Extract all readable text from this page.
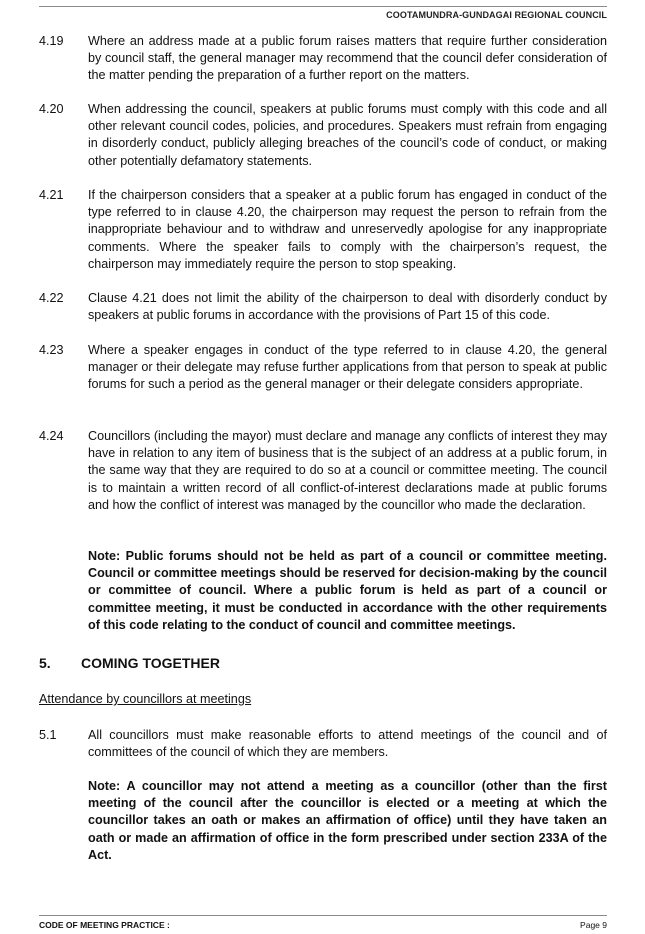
COOTAMUNDRA-GUNDAGAI REGIONAL COUNCIL
4.19 Where an address made at a public forum raises matters that require further consideration by council staff, the general manager may recommend that the council defer consideration of the matter pending the preparation of a further report on the matters.
4.20 When addressing the council, speakers at public forums must comply with this code and all other relevant council codes, policies, and procedures. Speakers must refrain from engaging in disorderly conduct, publicly alleging breaches of the council’s code of conduct, or making other potentially defamatory statements.
4.21 If the chairperson considers that a speaker at a public forum has engaged in conduct of the type referred to in clause 4.20, the chairperson may request the person to refrain from the inappropriate behaviour and to withdraw and unreservedly apologise for any inappropriate comments. Where the speaker fails to comply with the chairperson’s request, the chairperson may immediately require the person to stop speaking.
4.22 Clause 4.21 does not limit the ability of the chairperson to deal with disorderly conduct by speakers at public forums in accordance with the provisions of Part 15 of this code.
4.23 Where a speaker engages in conduct of the type referred to in clause 4.20, the general manager or their delegate may refuse further applications from that person to speak at public forums for such a period as the general manager or their delegate considers appropriate.
4.24 Councillors (including the mayor) must declare and manage any conflicts of interest they may have in relation to any item of business that is the subject of an address at a public forum, in the same way that they are required to do so at a council or committee meeting. The council is to maintain a written record of all conflict-of-interest declarations made at public forums and how the conflict of interest was managed by the councillor who made the declaration.
Note: Public forums should not be held as part of a council or committee meeting. Council or committee meetings should be reserved for decision-making by the council or committee of council. Where a public forum is held as part of a council or committee meeting, it must be conducted in accordance with the other requirements of this code relating to the conduct of council and committee meetings.
5. COMING TOGETHER
Attendance by councillors at meetings
5.1 All councillors must make reasonable efforts to attend meetings of the council and of committees of the council of which they are members.
Note: A councillor may not attend a meeting as a councillor (other than the first meeting of the council after the councillor is elected or a meeting at which the councillor takes an oath or makes an affirmation of office) until they have taken an oath or made an affirmation of office in the form prescribed under section 233A of the Act.
CODE OF MEETING PRACTICE :	Page 9
